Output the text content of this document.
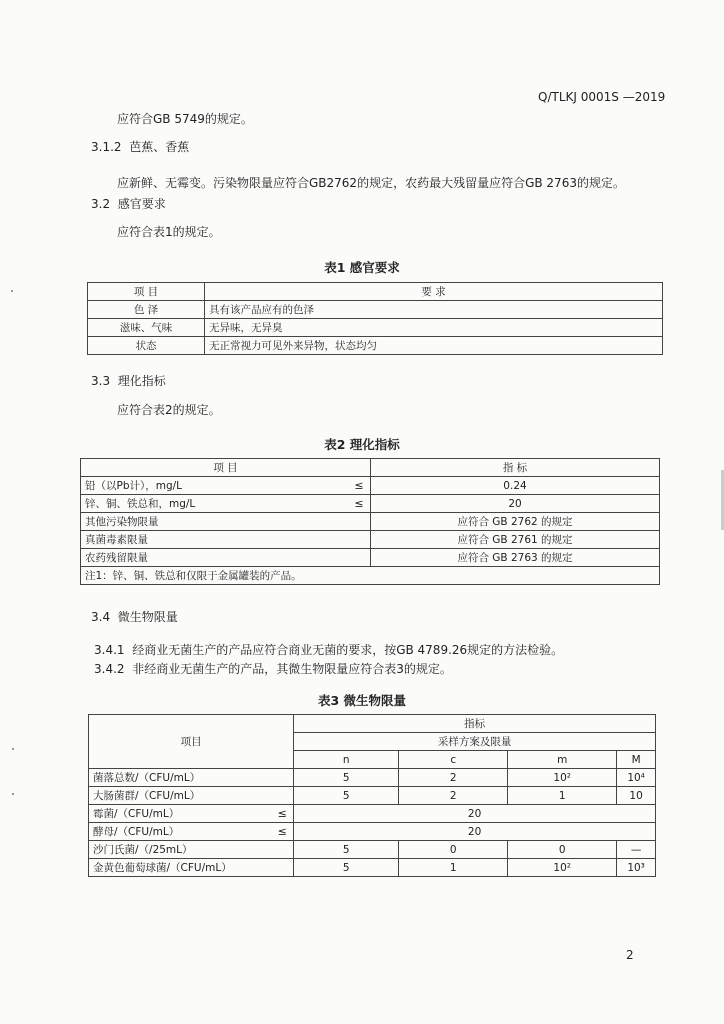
Q/TLKJ 0001S —2019
应符合GB 5749的规定。
3.1.2 芭蕉、香蕉
应新鲜、无霉变。污染物限量应符合GB2762的规定，农药最大残留量应符合GB 2763的规定。
3.2 感官要求
应符合表1的规定。
表1 感官要求
项 目	要 求
色 泽	具有该产品应有的色泽
滋味、气味	无异味，无异臭
状态	无正常视力可见外来异物，状态均匀
3.3 理化指标
应符合表2的规定。
表2 理化指标
项 目		指 标
铅（以Pb计），mg/L	≤	0.24
锌、铜、铁总和，mg/L	≤	20
其他污染物限量		应符合 GB 2762 的规定
真菌毒素限量		应符合 GB 2761 的规定
农药残留限量		应符合 GB 2763 的规定
注1：锌、铜、铁总和仅限于金属罐装的产品。		
3.4 微生物限量
3.4.1 经商业无菌生产的产品应符合商业无菌的要求，按GB 4789.26规定的方法检验。
3.4.2 非经商业无菌生产的产品，其微生物限量应符合表3的规定。
表3 微生物限量
项目		指标			
		采样方案及限量			
		n	c	m	M
菌落总数/（CFU/mL）		5	2	10²	10⁴
大肠菌群/（CFU/mL）		5	2	1	10
霉菌/（CFU/mL）	≤	20			
酵母/（CFU/mL）	≤	20			
沙门氏菌/（/25mL）		5	0	0	—
金黄色葡萄球菌/（CFU/mL）		5	1	10²	10³
2
